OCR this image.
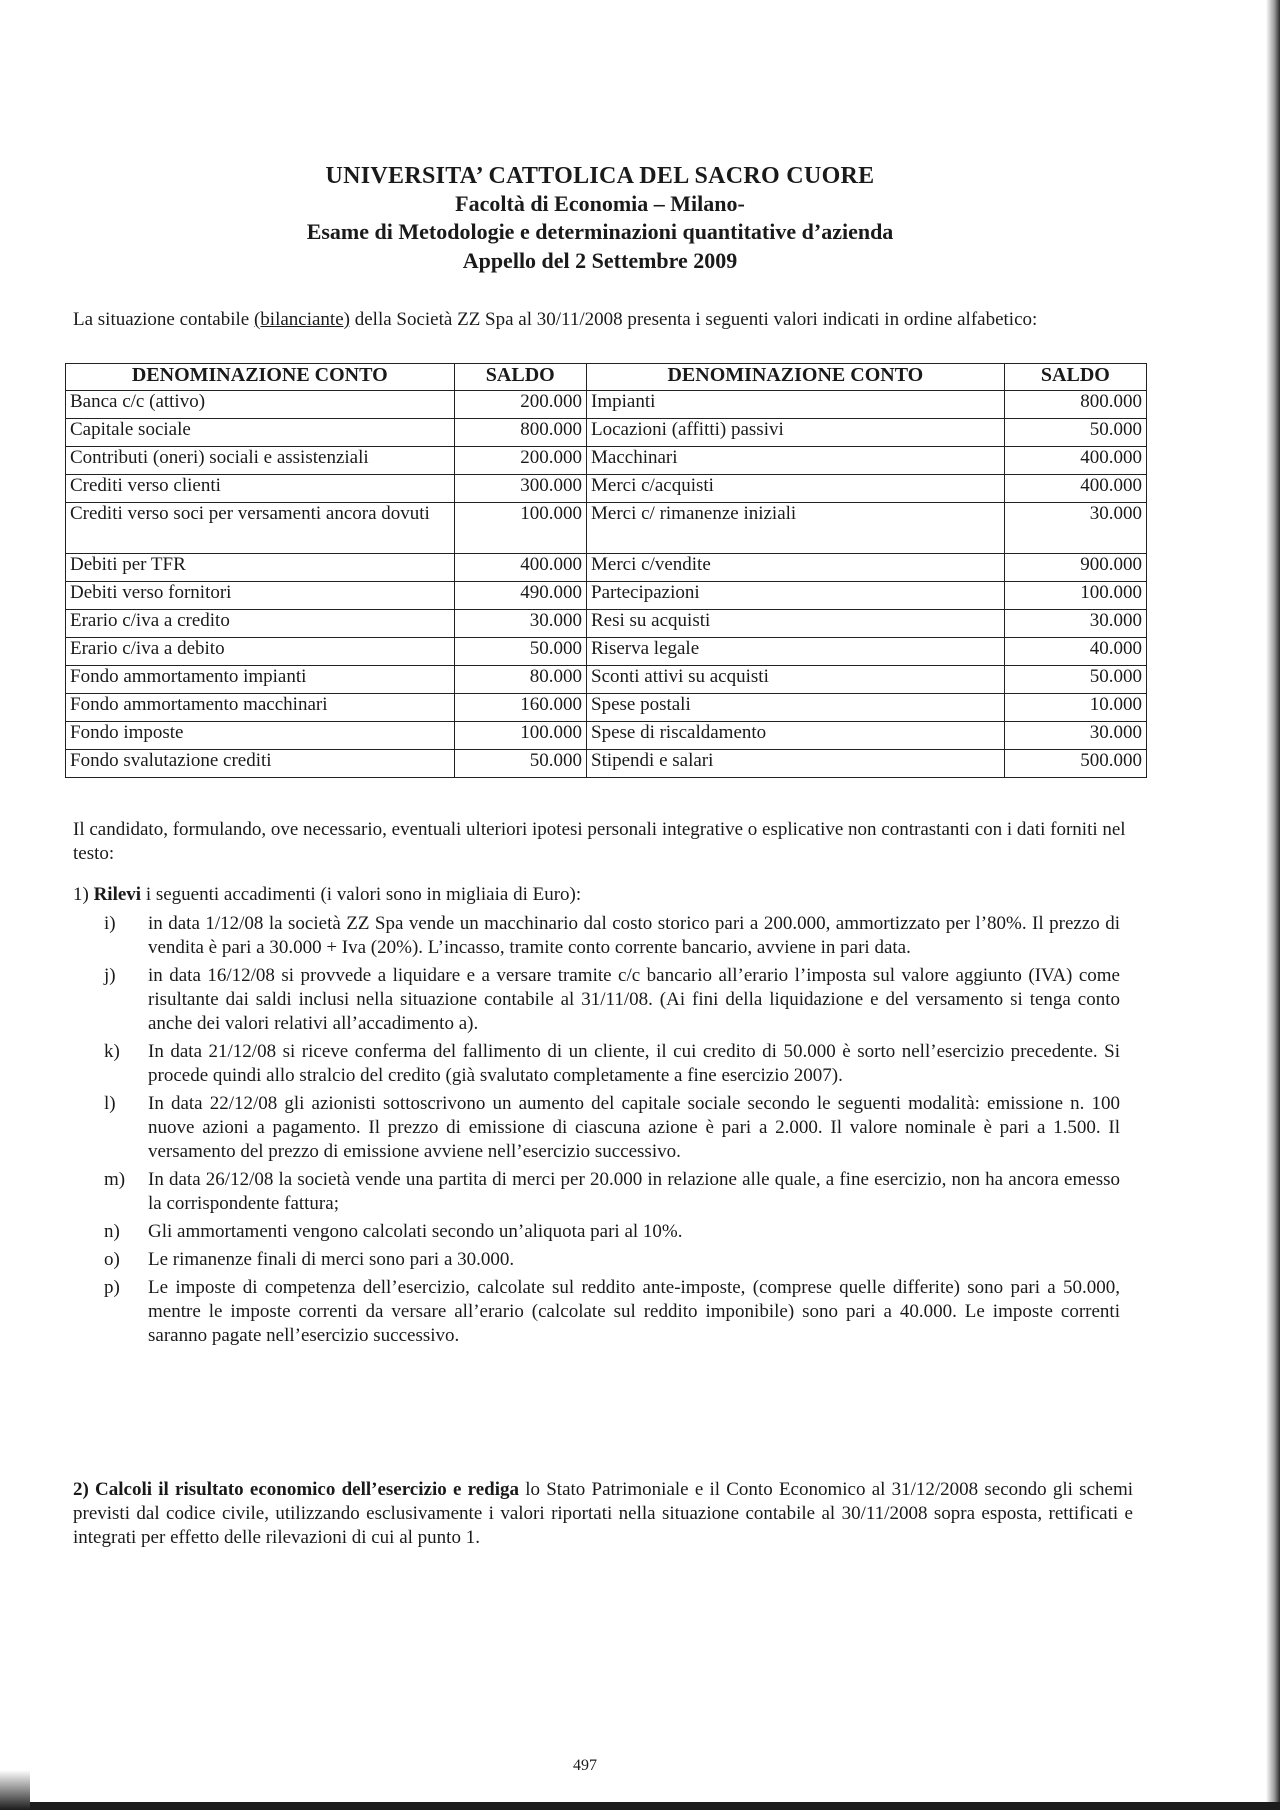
UNIVERSITA’ CATTOLICA DEL SACRO CUORE
Facoltà di Economia – Milano-
Esame di Metodologie e determinazioni quantitative d’azienda
Appello del 2 Settembre 2009
La situazione contabile (bilanciante) della Società ZZ Spa al 30/11/2008 presenta i seguenti valori indicati in ordine alfabetico:
DENOMINAZIONE CONTO	SALDO	DENOMINAZIONE CONTO	SALDO
Banca c/c (attivo)	200.000	Impianti	800.000
Capitale sociale	800.000	Locazioni (affitti) passivi	50.000
Contributi (oneri) sociali e assistenziali	200.000	Macchinari	400.000
Crediti verso clienti	300.000	Merci c/acquisti	400.000
Crediti verso soci per versamenti ancora dovuti	100.000	Merci c/ rimanenze iniziali	30.000
Debiti per TFR	400.000	Merci c/vendite	900.000
Debiti verso fornitori	490.000	Partecipazioni	100.000
Erario c/iva a credito	30.000	Resi su acquisti	30.000
Erario c/iva a debito	50.000	Riserva legale	40.000
Fondo ammortamento impianti	80.000	Sconti attivi su acquisti	50.000
Fondo ammortamento macchinari	160.000	Spese postali	10.000
Fondo imposte	100.000	Spese di riscaldamento	30.000
Fondo svalutazione crediti	50.000	Stipendi e salari	500.000
Il candidato, formulando, ove necessario, eventuali ulteriori ipotesi personali integrative o esplicative non contrastanti con i dati forniti nel testo:
1) Rilevi i seguenti accadimenti (i valori sono in migliaia di Euro):
i) in data 1/12/08 la società ZZ Spa vende un macchinario dal costo storico pari a 200.000, ammortizzato per l’80%. Il prezzo di vendita è pari a 30.000 + Iva (20%). L’incasso, tramite conto corrente bancario, avviene in pari data.
j) in data 16/12/08 si provvede a liquidare e a versare tramite c/c bancario all’erario l’imposta sul valore aggiunto (IVA) come risultante dai saldi inclusi nella situazione contabile al 31/11/08. (Ai fini della liquidazione e del versamento si tenga conto anche dei valori relativi all’accadimento a).
k) In data 21/12/08 si riceve conferma del fallimento di un cliente, il cui credito di 50.000 è sorto nell’esercizio precedente. Si procede quindi allo stralcio del credito (già svalutato completamente a fine esercizio 2007).
l) In data 22/12/08 gli azionisti sottoscrivono un aumento del capitale sociale secondo le seguenti modalità: emissione n. 100 nuove azioni a pagamento. Il prezzo di emissione di ciascuna azione è pari a 2.000. Il valore nominale è pari a 1.500. Il versamento del prezzo di emissione avviene nell’esercizio successivo.
m) In data 26/12/08 la società vende una partita di merci per 20.000 in relazione alle quale, a fine esercizio, non ha ancora emesso la corrispondente fattura;
n) Gli ammortamenti vengono calcolati secondo un’aliquota pari al 10%.
o) Le rimanenze finali di merci sono pari a 30.000.
p) Le imposte di competenza dell’esercizio, calcolate sul reddito ante-imposte, (comprese quelle differite) sono pari a 50.000, mentre le imposte correnti da versare all’erario (calcolate sul reddito imponibile) sono pari a 40.000. Le imposte correnti saranno pagate nell’esercizio successivo.
2) Calcoli il risultato economico dell’esercizio e rediga lo Stato Patrimoniale e il Conto Economico al 31/12/2008 secondo gli schemi previsti dal codice civile, utilizzando esclusivamente i valori riportati nella situazione contabile al 30/11/2008 sopra esposta, rettificati e integrati per effetto delle rilevazioni di cui al punto 1.
497
